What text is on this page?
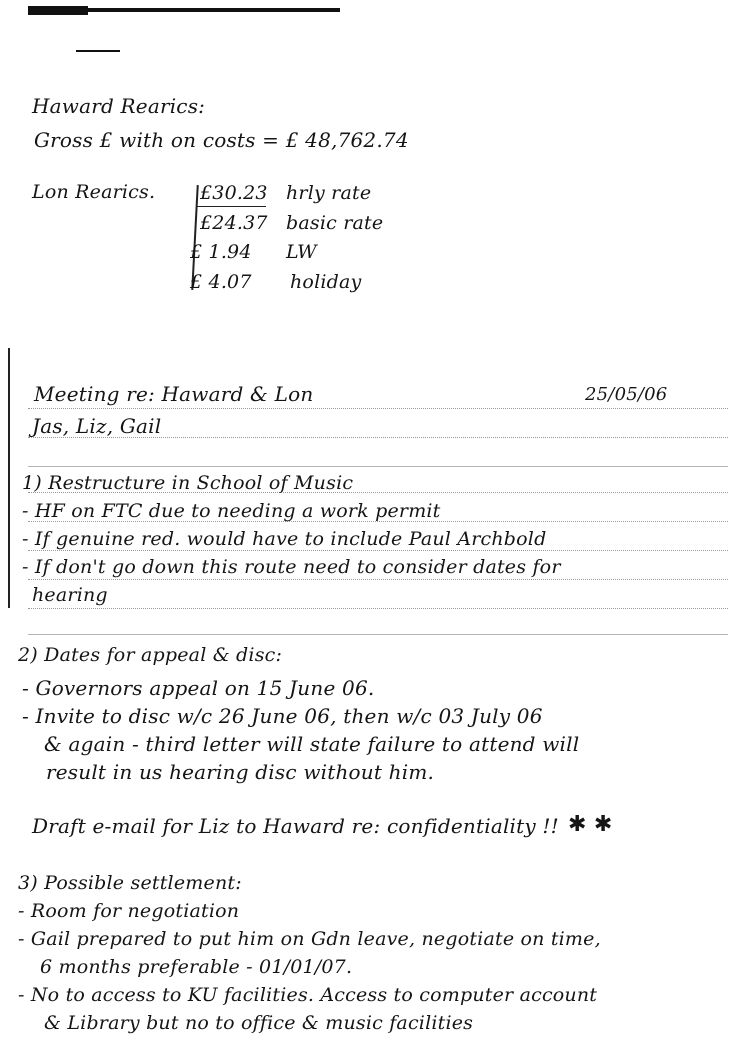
Haward Rearics:
Gross £ with on costs = £ 48,762.74
Lon Rearics. £30.23 hrly rate
£24.37 basic rate
£ 1.94 LW
£ 4.07 holiday
Meeting re: Haward & Lon	25/05/06
Jas, Liz, Gail
1) Restructure in School of Music
- HF on FTC due to needing a work permit
- If genuine red. would have to include Paul Archbold
- If don't go down this route need to consider dates for
hearing
2) Dates for appeal & disc:
- Governors appeal on 15 June 06.
- Invite to disc w/c 26 June 06, then w/c 03 July 06
& again - third letter will state failure to attend will
result in us hearing disc without him.
Draft e-mail for Liz to Haward re: confidentiality !! ✱ ✱
3) Possible settlement:
- Room for negotiation
- Gail prepared to put him on Gdn leave, negotiate on time,
6 months preferable - 01/01/07.
- No to access to KU facilities. Access to computer account
& Library but no to office & music facilities
